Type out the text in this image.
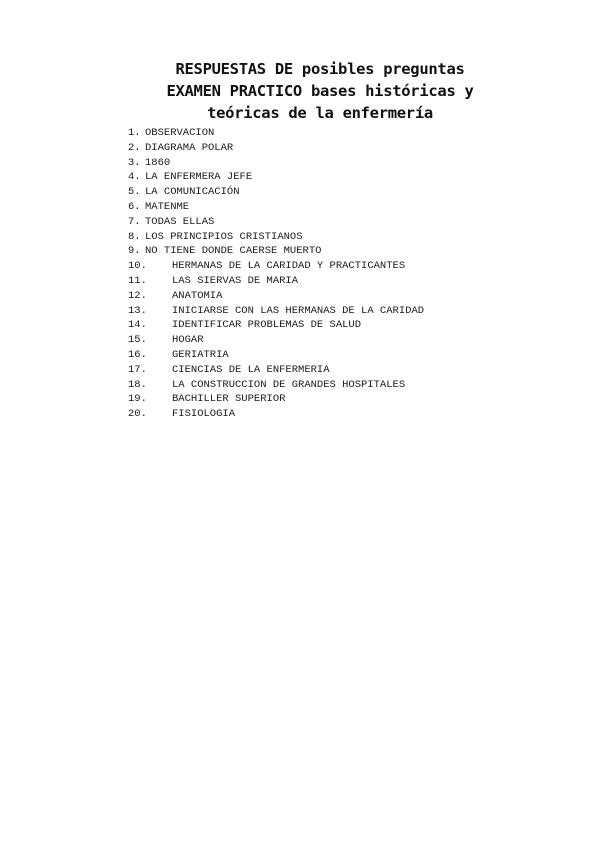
RESPUESTAS DE posibles preguntas
EXAMEN PRACTICO bases históricas y
teóricas de la enfermería
1. OBSERVACION
2. DIAGRAMA POLAR
3. 1860
4. LA ENFERMERA JEFE
5. LA COMUNICACIÓN
6. MATENME
7. TODAS ELLAS
8. LOS PRINCIPIOS CRISTIANOS
9. NO TIENE DONDE CAERSE MUERTO
10. HERMANAS DE LA CARIDAD Y PRACTICANTES
11. LAS SIERVAS DE MARIA
12. ANATOMIA
13. INICIARSE CON LAS HERMANAS DE LA CARIDAD
14. IDENTIFICAR PROBLEMAS DE SALUD
15. HOGAR
16. GERIATRIA
17. CIENCIAS DE LA ENFERMERIA
18. LA CONSTRUCCION DE GRANDES HOSPITALES
19. BACHILLER SUPERIOR
20. FISIOLOGIA
